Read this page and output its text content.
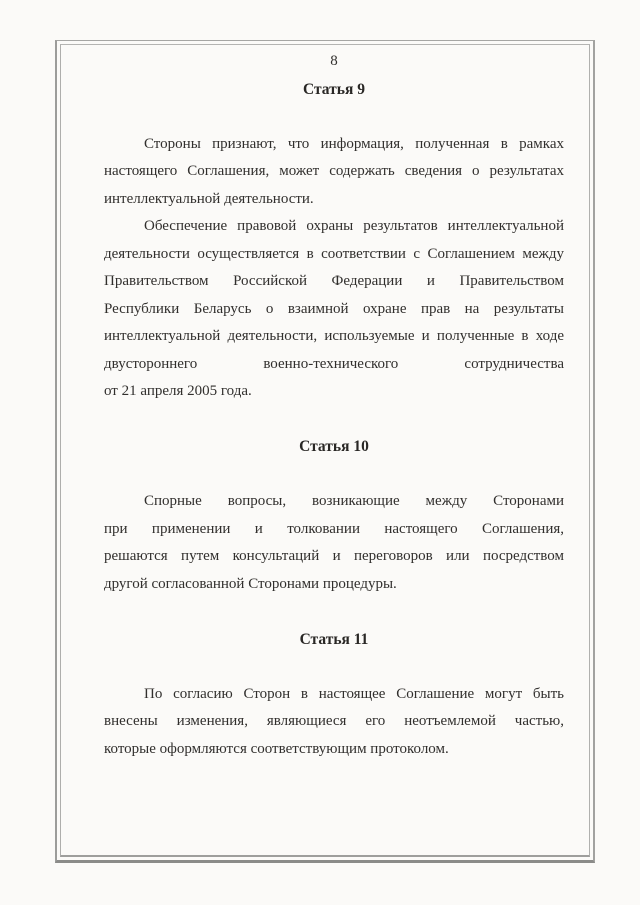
8
Статья 9
Стороны признают, что информация, полученная в рамках
настоящего Соглашения, может содержать сведения о результатах
интеллектуальной деятельности.
Обеспечение правовой охраны результатов интеллектуальной
деятельности осуществляется в соответствии с Соглашением между
Правительством Российской Федерации и Правительством
Республики Беларусь о взаимной охране прав на результаты
интеллектуальной деятельности, используемые и полученные в ходе
двустороннего военно-технического сотрудничества
от 21 апреля 2005 года.
Статья 10
Спорные вопросы, возникающие между Сторонами
при применении и толковании настоящего Соглашения,
решаются путем консультаций и переговоров или посредством
другой согласованной Сторонами процедуры.
Статья 11
По согласию Сторон в настоящее Соглашение могут быть
внесены изменения, являющиеся его неотъемлемой частью,
которые оформляются соответствующим протоколом.
